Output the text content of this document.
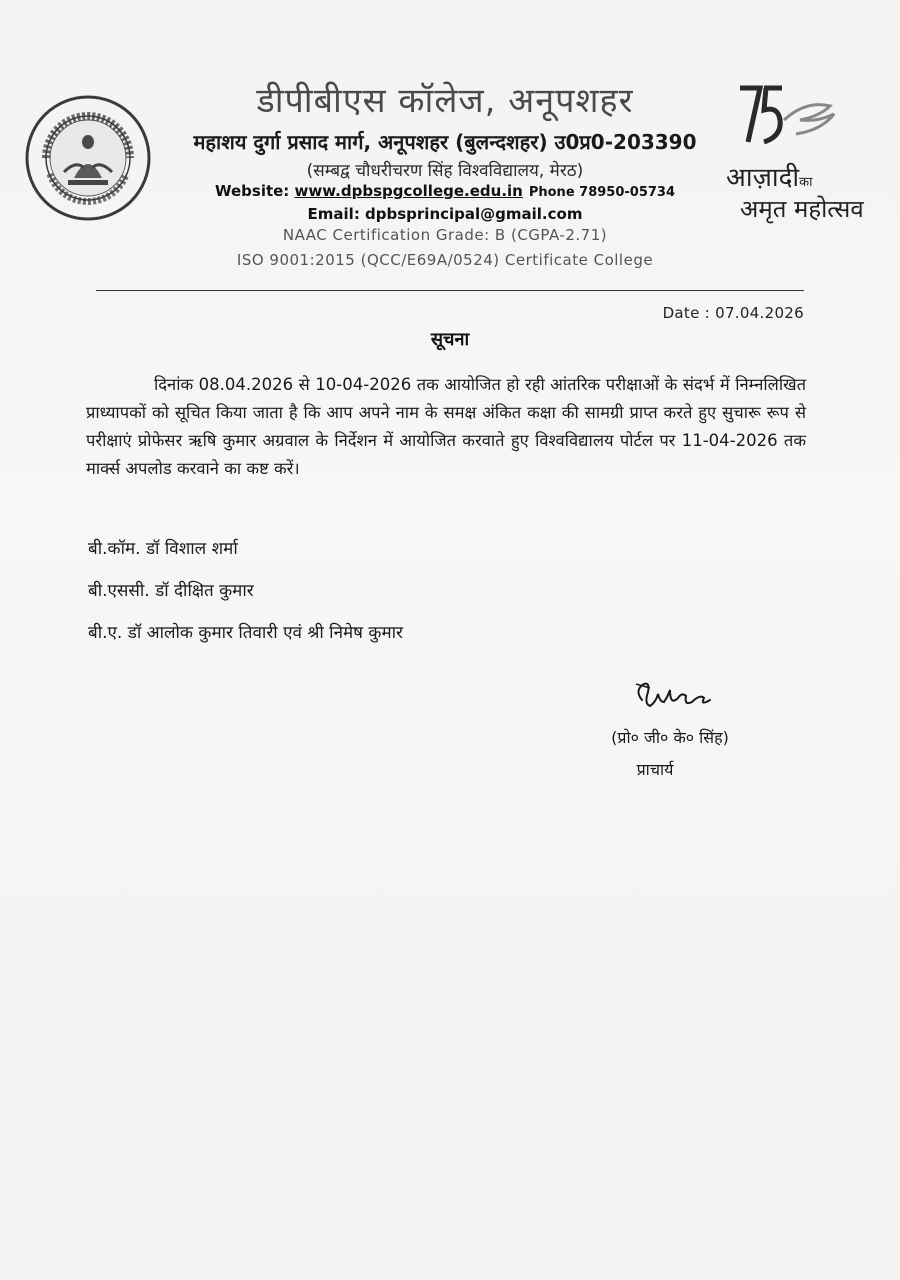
डीपीबीएस कॉलेज, अनूपशहर
महाशय दुर्गा प्रसाद मार्ग, अनूपशहर (बुलन्दशहर) उ0प्र0-203390
(सम्बद्व चौधरीचरण सिंह विश्वविद्यालय, मेरठ)
Website: www.dpbspgcollege.edu.in Phone 78950-05734
Email: dpbsprincipal@gmail.com
NAAC Certification Grade: B (CGPA-2.71)
ISO 9001:2015 (QCC/E69A/0524) Certificate College
आज़ादीका
अमृत महोत्सव
Date : 07.04.2026
सूचना
दिनांक 08.04.2026 से 10-04-2026 तक आयोजित हो रही आंतरिक परीक्षाओं के संदर्भ में निम्नलिखित प्राध्यापकों को सूचित किया जाता है कि आप अपने नाम के समक्ष अंकित कक्षा की सामग्री प्राप्त करते हुए सुचारू रूप से परीक्षाएं प्रोफेसर ऋषि कुमार अग्रवाल के निर्देशन में आयोजित करवाते हुए विश्वविद्यालय पोर्टल पर 11-04-2026 तक मार्क्स अपलोड करवाने का कष्ट करें।
बी.कॉम. डॉ विशाल शर्मा
बी.एससी. डॉ दीक्षित कुमार
बी.ए. डॉ आलोक कुमार तिवारी एवं श्री निमेष कुमार
(प्रो० जी० के० सिंह)
प्राचार्य
